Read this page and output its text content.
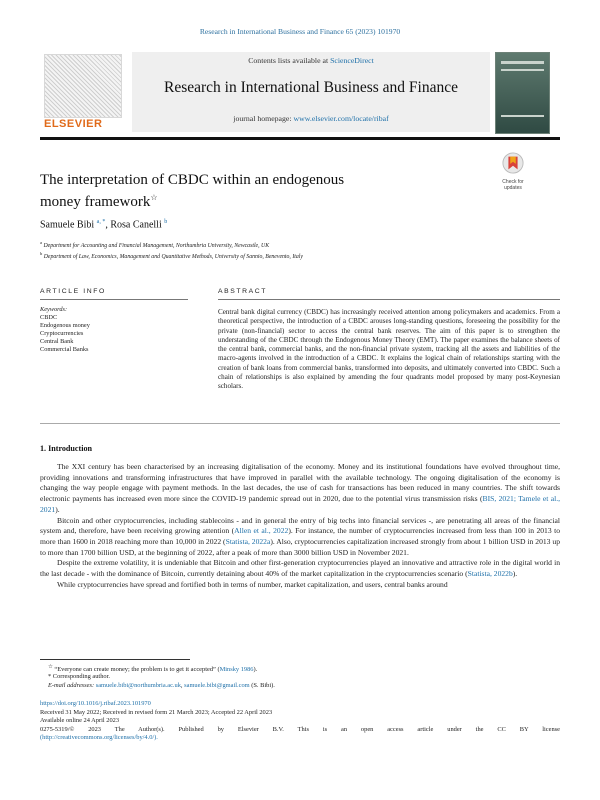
Research in International Business and Finance 65 (2023) 101970
ELSEVIER
Contents lists available at ScienceDirect
Research in International Business and Finance
journal homepage: www.elsevier.com/locate/ribaf
The interpretation of CBDC within an endogenous
money framework☆
Check for
updates
Samuele Bibi $^{a, *}$, Rosa Canelli $^b$
$^a$ Department for Accounting and Financial Management, Northumbria University, Newcastle, UK
$^b$ Department of Law, Economics, Management and Quantitative Methods, University of Sannio, Benevento, Italy
ARTICLE INFO
Keywords:
CBDC
Endogenous money
Cryptocurrencies
Central Bank
Commercial Banks
ABSTRACT
Central bank digital currency (CBDC) has increasingly received attention among policymakers and academics. From a theoretical perspective, the introduction of a CBDC arouses long-standing questions, foreseeing the possibility for the private (non-financial) sector to access the central bank reserves. The aim of this paper is to strengthen the understanding of the CBDC through the Endogenous Money Theory (EMT). The paper examines the balance sheets of the central bank, commercial banks, and the non-financial private system, tracking all the assets and liabilities of the macro-agents involved in the introduction of a CBDC. It explains the logical chain of relationships starting with the creation of bank loans from commercial banks, transformed into deposits, and ultimately converted into CBDC. Such a chain of relationships is also explained by amending the four quadrants model proposed by many post-Keynesian scholars.
1. Introduction

The XXI century has been characterised by an increasing digitalisation of the economy. Money and its institutional foundations have evolved throughout time, providing innovations and transforming infrastructures that have improved in parallel with the available technology. The ongoing digitalisation of the economy is changing the way people engage with payment methods. In the last decades, the use of cash for transactions has been reduced in many countries. The shift towards electronic payments has increased even more since the COVID-19 pandemic spread out in 2020, due to the potential virus transmission risks (BIS, 2021; Tamele et al., 2021).

Bitcoin and other cryptocurrencies, including stablecoins - and in general the entry of big techs into financial services -, are penetrating all areas of the financial system and, therefore, have been receiving growing attention (Allen et al., 2022). For instance, the number of cryptocurrencies increased from less than 100 in 2013 to more than 1600 in 2018 reaching more than 10,000 in 2022 (Statista, 2022a). Also, cryptocurrencies capitalization increased strongly from about 1 billion USD in 2013 up to more than 1700 billion USD, at the beginning of 2022, after a peak of more than 3000 billion USD in November 2021.

Despite the extreme volatility, it is undeniable that Bitcoin and other first-generation cryptocurrencies played an innovative and attractive role in the digital world in the last decade - with the dominance of Bitcoin, currently detaining about 40% of the market capitalization in the cryptocurrencies scenario (Statista, 2022b).

While cryptocurrencies have spread and fortified both in terms of number, market capitalization, and users, central banks around

☆ “Everyone can create money; the problem is to get it accepted” (Minsky 1986).
* Corresponding author.
E-mail addresses: samuele.bibi@northumbria.ac.uk, samuele.bibi@gmail.com (S. Bibi).
https://doi.org/10.1016/j.ribaf.2023.101970
Received 31 May 2022; Received in revised form 21 March 2023; Accepted 22 April 2023
Available online 24 April 2023
0275-5319/© 2023 The Author(s). Published by Elsevier B.V. This is an open access article under the CC BY license
(http://creativecommons.org/licenses/by/4.0/).
